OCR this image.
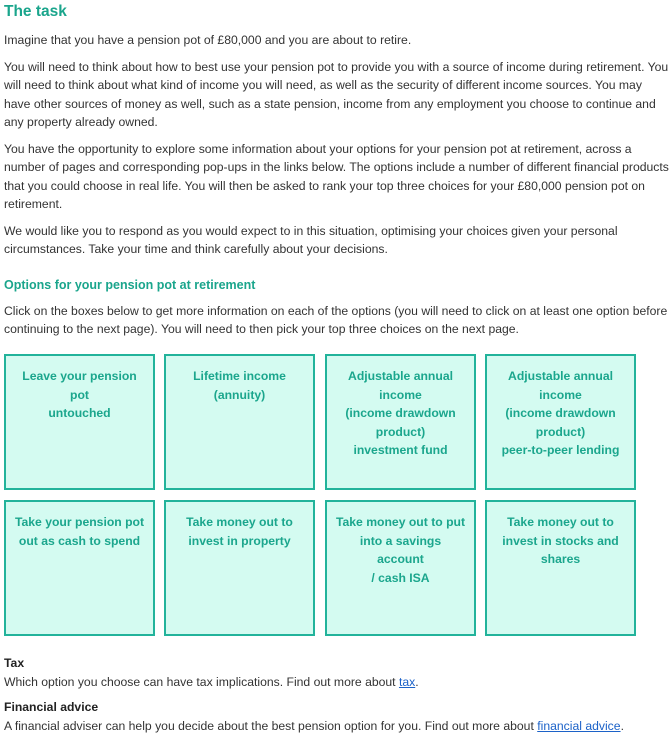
The task

Imagine that you have a pension pot of £80,000 and you are about to retire.

You will need to think about how to best use your pension pot to provide you with a source of income during retirement. You will need to think about what kind of income you will need, as well as the security of different income sources. You may have other sources of money as well, such as a state pension, income from any employment you choose to continue and any property already owned.

You have the opportunity to explore some information about your options for your pension pot at retirement, across a number of pages and corresponding pop-ups in the links below. The options include a number of different financial products that you could choose in real life. You will then be asked to rank your top three choices for your £80,000 pension pot on retirement.

We would like you to respond as you would expect to in this situation, optimising your choices given your personal circumstances. Take your time and think carefully about your decisions.

Options for your pension pot at retirement

Click on the boxes below to get more information on each of the options (you will need to click on at least one option before continuing to the next page). You will need to then pick your top three choices on the next page.

Leave your pension pot
untouched
Lifetime income
(annuity)
Adjustable annual
income
(income drawdown
product)
investment fund
Adjustable annual
income
(income drawdown
product)
peer-to-peer lending
Take your pension pot
out as cash to spend
Take money out to
invest in property
Take money out to put
into a savings account
/ cash ISA
Take money out to
invest in stocks and
shares
Tax

Which option you choose can have tax implications. Find out more about tax.

Financial advice

A financial adviser can help you decide about the best pension option for you. Find out more about financial advice.
